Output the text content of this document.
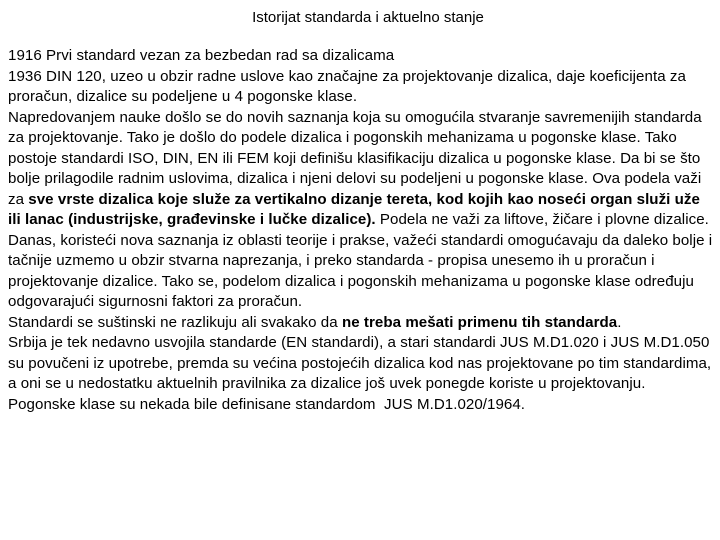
Istorijat standarda i aktuelno stanje

1916 Prvi standard vezan za bezbedan rad sa dizalicama

1936 DIN 120, uzeo u obzir radne uslove kao značajne za projektovanje dizalica, daje koeficijenta za proračun, dizalice su podeljene u 4 pogonske klase.

Napredovanjem nauke došlo se do novih saznanja koja su omogućila stvaranje savremenijih standarda za projektovanje. Tako je došlo do podele dizalica i pogonskih mehanizama u pogonske klase. Tako postoje standardi ISO, DIN, EN ili FEM koji definišu klasifikaciju dizalica u pogonske klase. Da bi se što bolje prilagodile radnim uslovima, dizalica i njeni delovi su podeljeni u pogonske klase. Ova podela važi za sve vrste dizalica koje služe za vertikalno dizanje tereta, kod kojih kao noseći organ služi uže ili lanac (industrijske, građevinske i lučke dizalice). Podela ne važi za liftove, žičare i plovne dizalice. Danas, koristeći nova saznanja iz oblasti teorije i prakse, važeći standardi omogućavaju da daleko bolje i tačnije uzmemo u obzir stvarna naprezanja, i preko standarda - propisa unesemo ih u proračun i projektovanje dizalice. Tako se, podelom dizalica i pogonskih mehanizama u pogonske klase određuju odgovarajući sigurnosni faktori za proračun.

Standardi se suštinski ne razlikuju ali svakako da ne treba mešati primenu tih standarda.

Srbija je tek nedavno usvojila standarde (EN standardi), a stari standardi JUS M.D1.020 i JUS M.D1.050 su povučeni iz upotrebe, premda su većina postojećih dizalica kod nas projektovane po tim standardima, a oni se u nedostatku aktuelnih pravilnika za dizalice još uvek ponegde koriste u projektovanju.

Pogonske klase su nekada bile definisane standardom  JUS M.D1.020/1964.
